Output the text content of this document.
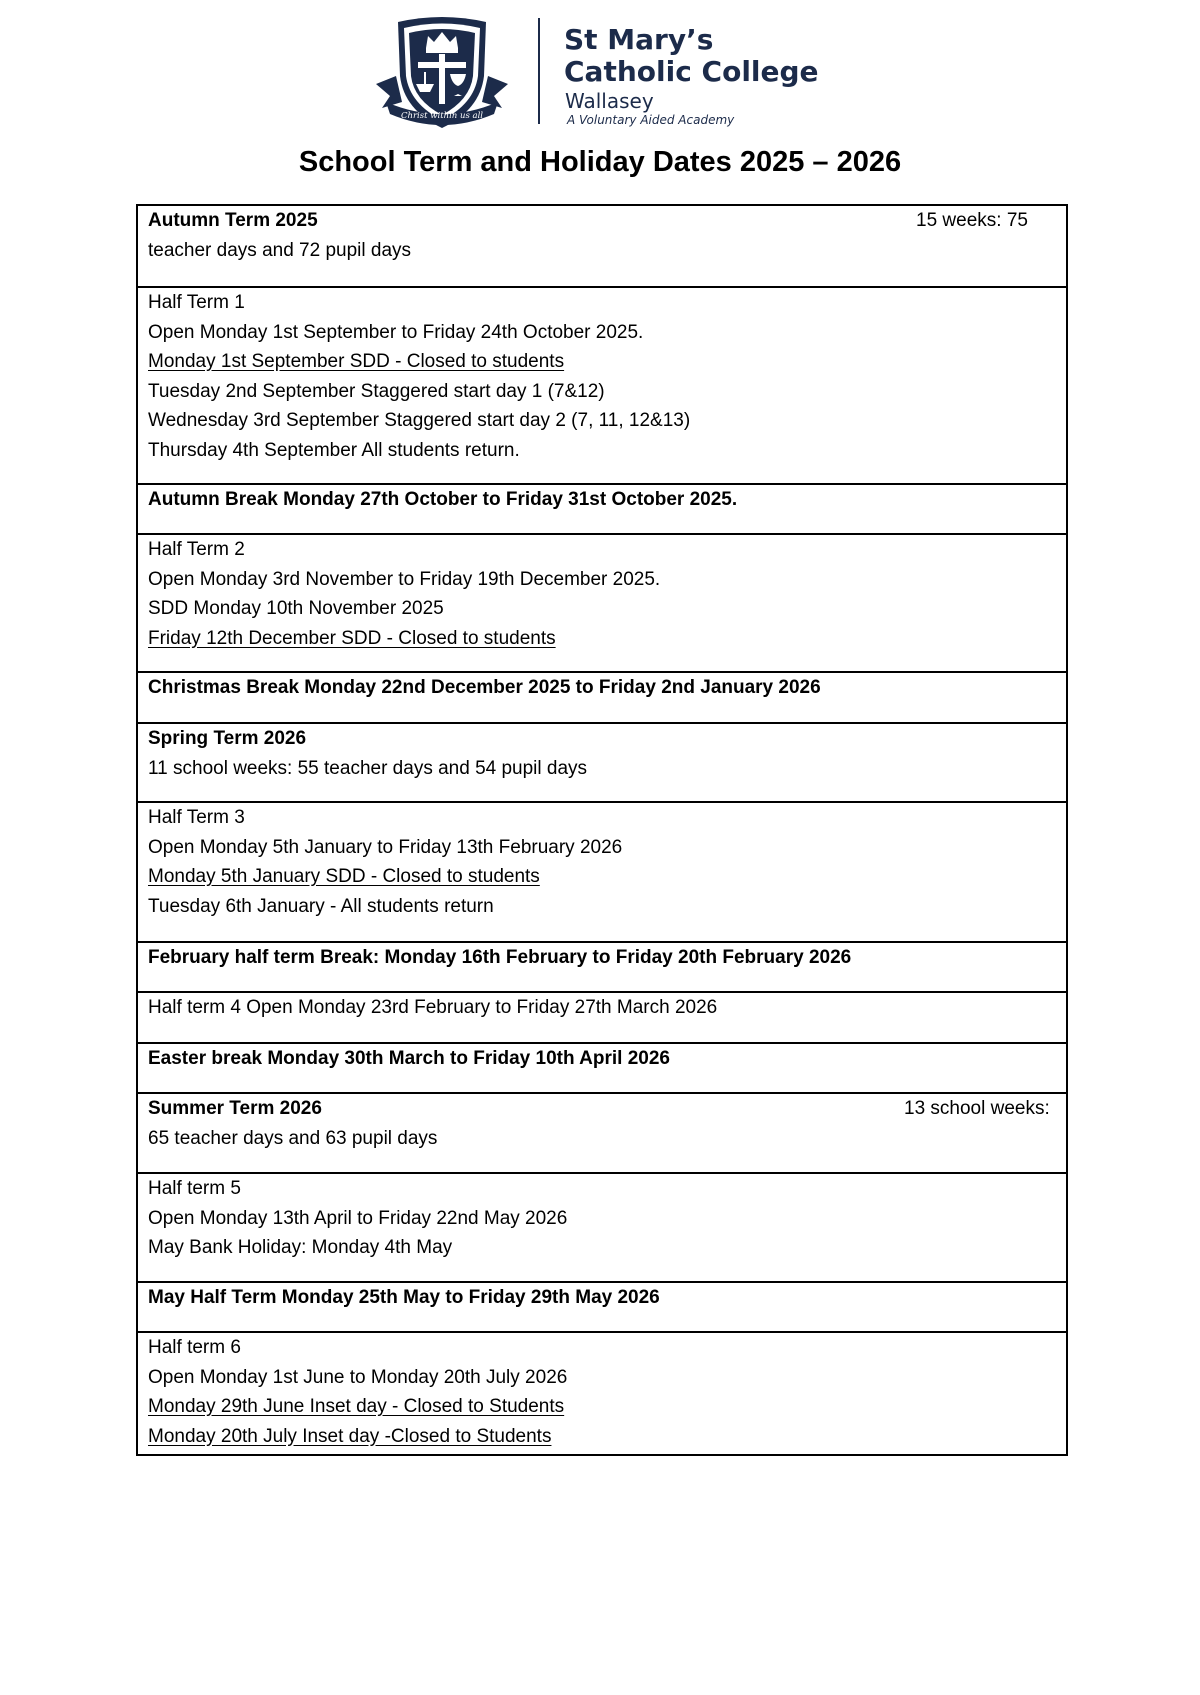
Christ within us all
St Mary’s
Catholic College
Wallasey
A Voluntary Aided Academy
School Term and Holiday Dates 2025 – 2026
Autumn Term 2025
teacher days and 72 pupil days
15 weeks: 75
Half Term 1
Open Monday 1st September to Friday 24th October 2025.
Monday 1st September SDD - Closed to students
Tuesday 2nd September Staggered start day 1 (7&12)
Wednesday 3rd September Staggered start day 2 (7, 11, 12&13)
Thursday 4th September All students return.
Autumn Break Monday 27th October to Friday 31st October 2025.
Half Term 2
Open Monday 3rd November to Friday 19th December 2025.
SDD Monday 10th November 2025
Friday 12th December SDD - Closed to students
Christmas Break Monday 22nd December 2025 to Friday 2nd January 2026
Spring Term 2026
11 school weeks: 55 teacher days and 54 pupil days
Half Term 3
Open Monday 5th January to Friday 13th February 2026
Monday 5th January SDD - Closed to students
Tuesday 6th January - All students return
February half term Break: Monday 16th February to Friday 20th February 2026
Half term 4 Open Monday 23rd February to Friday 27th March 2026
Easter break Monday 30th March to Friday 10th April 2026
Summer Term 2026
65 teacher days and 63 pupil days
13 school weeks:
Half term 5
Open Monday 13th April to Friday 22nd May 2026
May Bank Holiday: Monday 4th May
May Half Term Monday 25th May to Friday 29th May 2026
Half term 6
Open Monday 1st June to Monday 20th July 2026
Monday 29th June Inset day - Closed to Students
Monday 20th July Inset day -Closed to Students
